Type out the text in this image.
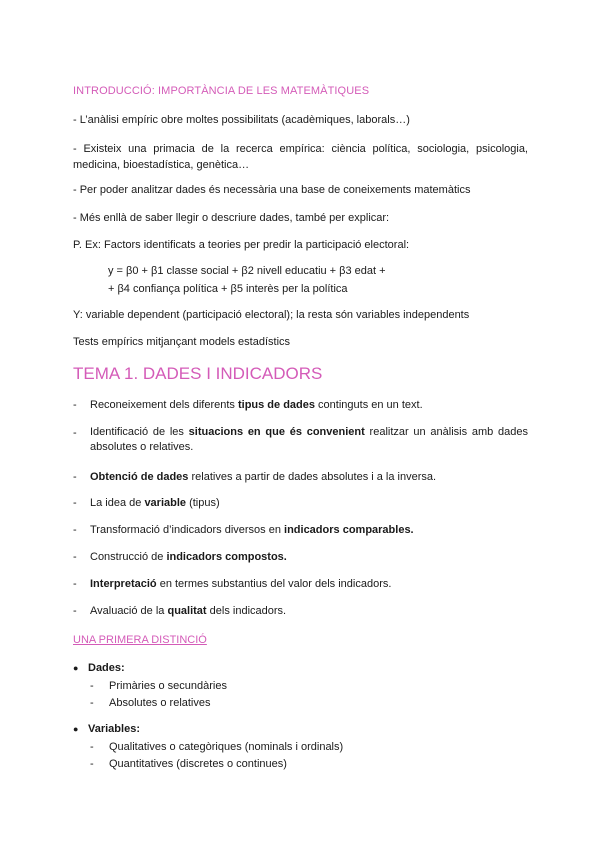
INTRODUCCIÓ: IMPORTÀNCIA DE LES MATEMÀTIQUES
- L’anàlisi empíric obre moltes possibilitats (acadèmiques, laborals…)
- Existeix una primacia de la recerca empírica: ciència política, sociologia, psicologia, medicina, bioestadística, genètica…
- Per poder analitzar dades és necessària una base de coneixements matemàtics
- Més enllà de saber llegir o descriure dades, també per explicar:
P. Ex: Factors identificats a teories per predir la participació electoral:
y = β0 + β1 classe social + β2 nivell educatiu + β3 edat +
+ β4 confiança política + β5 interès per la política
Y: variable dependent (participació electoral); la resta són variables independents
Tests empírics mitjançant models estadístics
TEMA 1. DADES I INDICADORS
- Reconeixement dels diferents tipus de dades continguts en un text.
- Identificació de les situacions en que és convenient realitzar un anàlisis amb dades absolutes o relatives.
- Obtenció de dades relatives a partir de dades absolutes i a la inversa.
- La idea de variable (tipus)
- Transformació d’indicadors diversos en indicadors comparables.
- Construcció de indicadors compostos.
- Interpretació en termes substantius del valor dels indicadors.
- Avaluació de la qualitat dels indicadors.
UNA PRIMERA DISTINCIÓ
● Dades:
- Primàries o secundàries
- Absolutes o relatives
● Variables:
- Qualitatives o categòriques (nominals i ordinals)
- Quantitatives (discretes o continues)
